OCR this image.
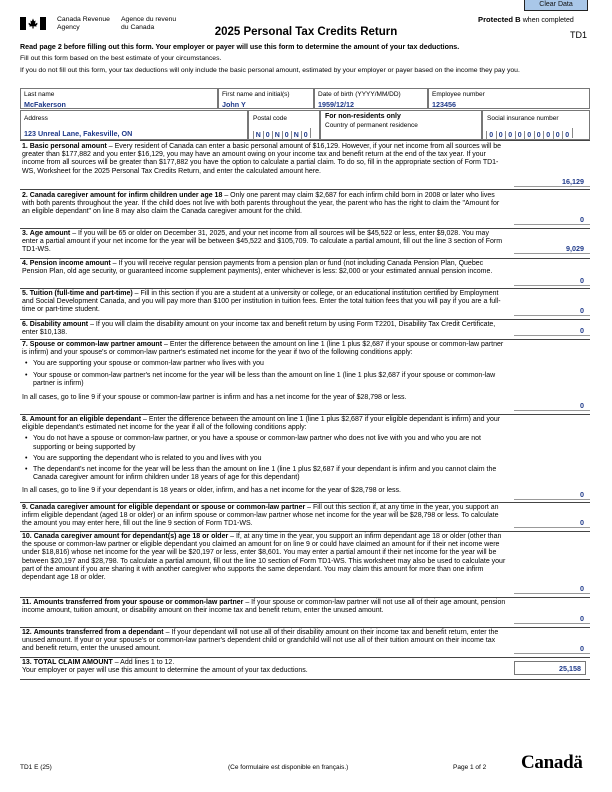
Canada Revenue
Agency
Agence du revenu
du Canada
Clear Data
Protected B when completed
2025 Personal Tax Credits Return	TD1
Read page 2 before filling out this form. Your employer or payer will use this form to determine the amount of your tax deductions.
Fill out this form based on the best estimate of your circumstances.
If you do not fill out this form, your tax deductions will only include the basic personal amount, estimated by your employer or payer based on the income they pay you.
Last name
McFakerson
First name and initial(s)
John Y
Date of birth (YYYY/MM/DD)
1959/12/12
Employee number
123456
Address
123 Unreal Lane, Fakesville, ON
Postal code
N 0 N 0 N 0
For non-residents only
Country of permanent residence
Social insurance number
0 0 0 0 0 0 0 0 0

1. Basic personal amount – Every resident of Canada can enter a basic personal amount of $16,129. However, if your net income from all sources will be greater than $177,882 and you enter $16,129, you may have an amount owing on your income tax and benefit return at the end of the tax year. If your income from all sources will be greater than $177,882 you have the option to calculate a partial claim. To do so, fill in the appropriate section of Form TD1-WS, Worksheet for the 2025 Personal Tax Credits Return, and enter the calculated amount here.

16,129

2. Canada caregiver amount for infirm children under age 18 – Only one parent may claim $2,687 for each infirm child born in 2008 or later who lives with both parents throughout the year. If the child does not live with both parents throughout the year, the parent who has the right to claim the "Amount for an eligible dependant" on line 8 may also claim the Canada caregiver amount for the child.

0

3. Age amount – If you will be 65 or older on December 31, 2025, and your net income from all sources will be $45,522 or less, enter $9,028. You may enter a partial amount if your net income for the year will be between $45,522 and $105,709. To calculate a partial amount, fill out the line 3 section of Form TD1-WS.	9,029

4. Pension income amount – If you will receive regular pension payments from a pension plan or fund (not including Canada Pension Plan, Quebec Pension Plan, old age security, or guaranteed income supplement payments), enter whichever is less: $2,000 or your estimated annual pension income.

0

5. Tuition (full-time and part-time) – Fill in this section if you are a student at a university or college, or an educational institution certified by Employment and Social Development Canada, and you will pay more than $100 per institution in tuition fees. Enter the total tuition fees that you will pay if you are a full-time or part-time student.	0

6. Disability amount – If you will claim the disability amount on your income tax and benefit return by using Form T2201, Disability Tax Credit Certificate, enter $10,138.	0

7. Spouse or common-law partner amount – Enter the difference between the amount on line 1 (line 1 plus $2,687 if your spouse or common-law partner is infirm) and your spouse's or common-law partner's estimated net income for the year if two of the following conditions apply:

• You are supporting your spouse or common-law partner who lives with you

• Your spouse or common-law partner's net income for the year will be less than the amount on line 1 (line 1 plus $2,687 if your spouse or common-law partner is infirm)

In all cases, go to line 9 if your spouse or common-law partner is infirm and has a net income for the year of $28,798 or less.

0

8. Amount for an eligible dependant – Enter the difference between the amount on line 1 (line 1 plus $2,687 if your eligible dependant is infirm) and your eligible dependant's estimated net income for the year if all of the following conditions apply:

• You do not have a spouse or common-law partner, or you have a spouse or common-law partner who does not live with you and who you are not supporting or being supported by

• You are supporting the dependant who is related to you and lives with you

• The dependant's net income for the year will be less than the amount on line 1 (line 1 plus $2,687 if your dependant is infirm and you cannot claim the Canada caregiver amount for infirm children under 18 years of age for this dependant)

In all cases, go to line 9 if your dependant is 18 years or older, infirm, and has a net income for the year of $28,798 or less.	0

9. Canada caregiver amount for eligible dependant or spouse or common-law partner – Fill out this section if, at any time in the year, you support an infirm eligible dependant (aged 18 or older) or an infirm spouse or common-law partner whose net income for the year will be $28,798 or less. To calculate the amount you may enter here, fill out the line 9 section of Form TD1-WS.	0

10. Canada caregiver amount for dependant(s) age 18 or older – If, at any time in the year, you support an infirm dependant age 18 or older (other than the spouse or common-law partner or eligible dependant you claimed an amount for on line 9 or could have claimed an amount for if their net income were under $18,816) whose net income for the year will be $20,197 or less, enter $8,601. You may enter a partial amount if their net income for the year will be between $20,197 and $28,798. To calculate a partial amount, fill out the line 10 section of Form TD1-WS. This worksheet may also be used to calculate your part of the amount if you are sharing it with another caregiver who supports the same dependant. You may claim this amount for more than one infirm dependant age 18 or older.

0

11. Amounts transferred from your spouse or common-law partner – If your spouse or common-law partner will not use all of their age amount, pension income amount, tuition amount, or disability amount on their income tax and benefit return, enter the unused amount.

0

12. Amounts transferred from a dependant – If your dependant will not use all of their disability amount on their income tax and benefit return, enter the unused amount. If your or your spouse's or common-law partner's dependent child or grandchild will not use all of their tuition amount on their income tax and benefit return, enter the unused amount.	0

13. TOTAL CLAIM AMOUNT – Add lines 1 to 12.

Your employer or payer will use this amount to determine the amount of your tax deductions.	25,158
TD1 E (25)	(Ce formulaire est disponible en français.)	Page 1 of 2 Canadä
